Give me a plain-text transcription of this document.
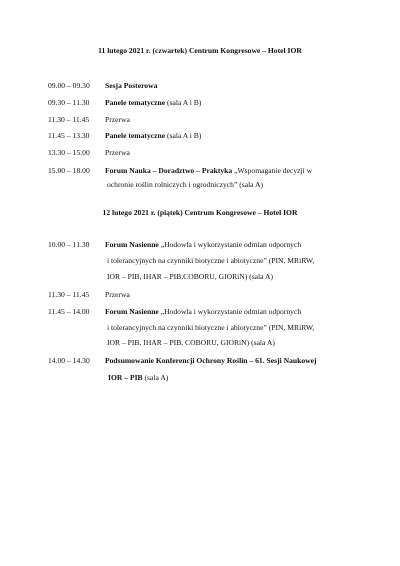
11 lutego 2021 r. (czwartek) Centrum Kongresowe – Hotel IOR
09.00 – 09.30 Sesja Posterowa
09.30 – 11.30 Panele tematyczne (sala A i B)
11.30 – 11.45 Przerwa
11.45 – 13.30 Panele tematyczne (sala A i B)
13.30 – 15.00 Przerwa
15.00 – 18.00 Forum Nauka – Doradztwo – Praktyka „Wspomaganie decyzji w
ochronie roślin rolniczych i ogrodniczych” (sala A)
12 lutego 2021 r. (piątek) Centrum Kongresowe – Hotel IOR
10.00 – 11.30 Forum Nasienne „Hodowla i wykorzystanie odmian odpornych
i tolerancyjnych na czynniki biotyczne i abiotyczne” (PIN, MRiRW,
IOR – PIB, IHAR – PIB,COBORU, GIORiN) (sala A)
11.30 – 11.45 Przerwa
11.45 – 14.00 Forum Nasienne „Hodowla i wykorzystanie odmian odpornych
i tolerancyjnych na czynniki biotyczne i abiotyczne” (PIN, MRiRW,
IOR – PIB, IHAR – PIB, COBORU, GIORiN) (sala A)
14.00 – 14.30 Podsumowanie Konferencji Ochrony Roślin – 61. Sesji Naukowej
IOR – PIB (sala A)
